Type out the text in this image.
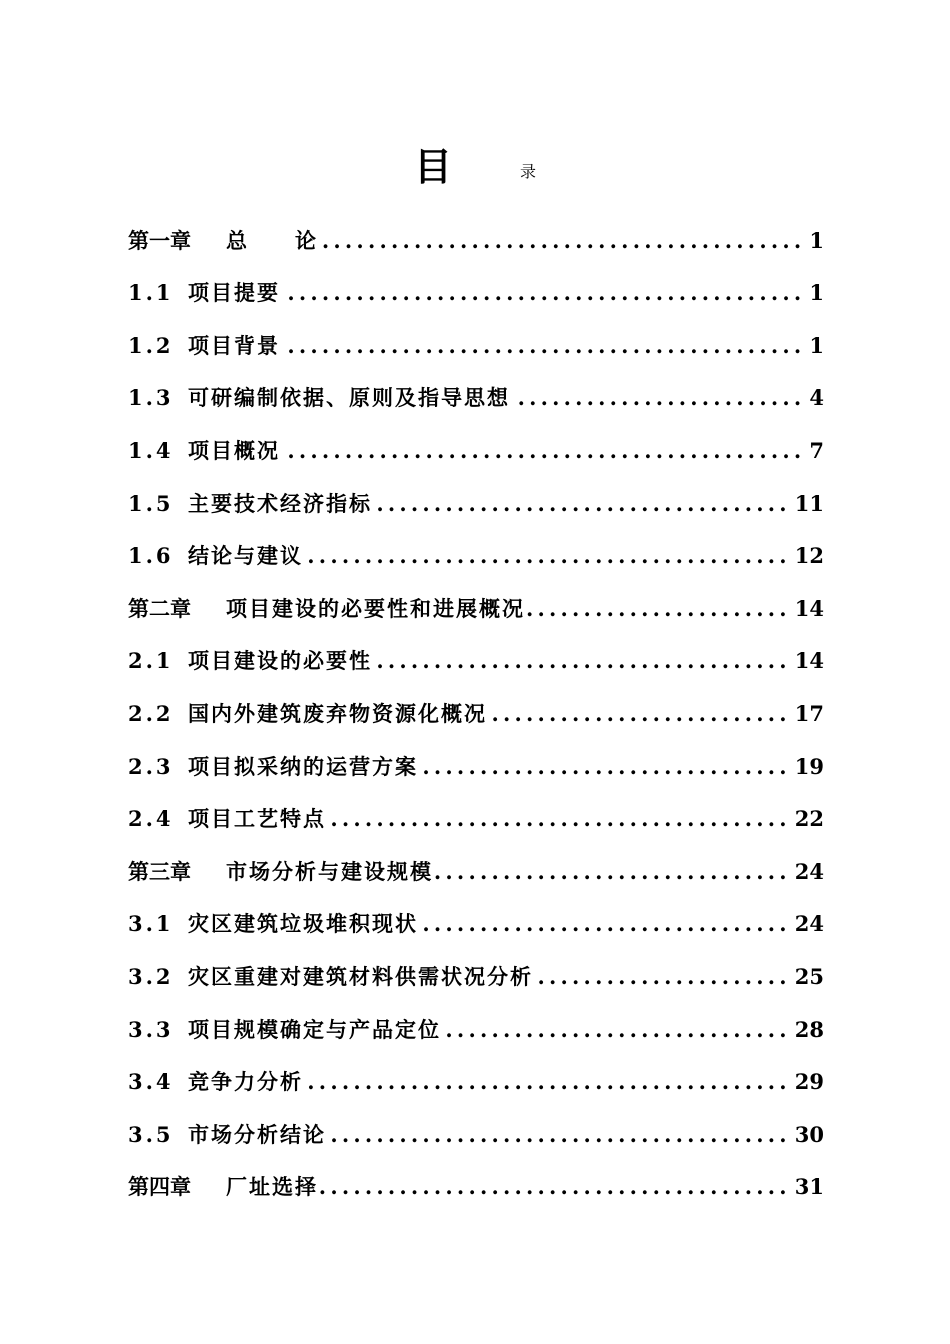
目	录
第一章	总　　论 .....	1
1.1 项目提要 .....	1
1.2 项目背景 .....	1
1.3 可研编制依据、原则及指导思想 .....	4
1.4 项目概况 .....	7
1.5 主要技术经济指标 .....	11
1.6 结论与建议 .....	12
第二章	项目建设的必要性和进展概况 .....	14
2.1 项目建设的必要性 .....	14
2.2 国内外建筑废弃物资源化概况 .....	17
2.3 项目拟采纳的运营方案 .....	19
2.4 项目工艺特点 .....	22
第三章	市场分析与建设规模 .....	24
3.1 灾区建筑垃圾堆积现状 .....	24
3.2 灾区重建对建筑材料供需状况分析 .....	25
3.3 项目规模确定与产品定位 .....	28
3.4 竞争力分析 .....	29
3.5 市场分析结论 .....	30
第四章	厂址选择 .....	31
